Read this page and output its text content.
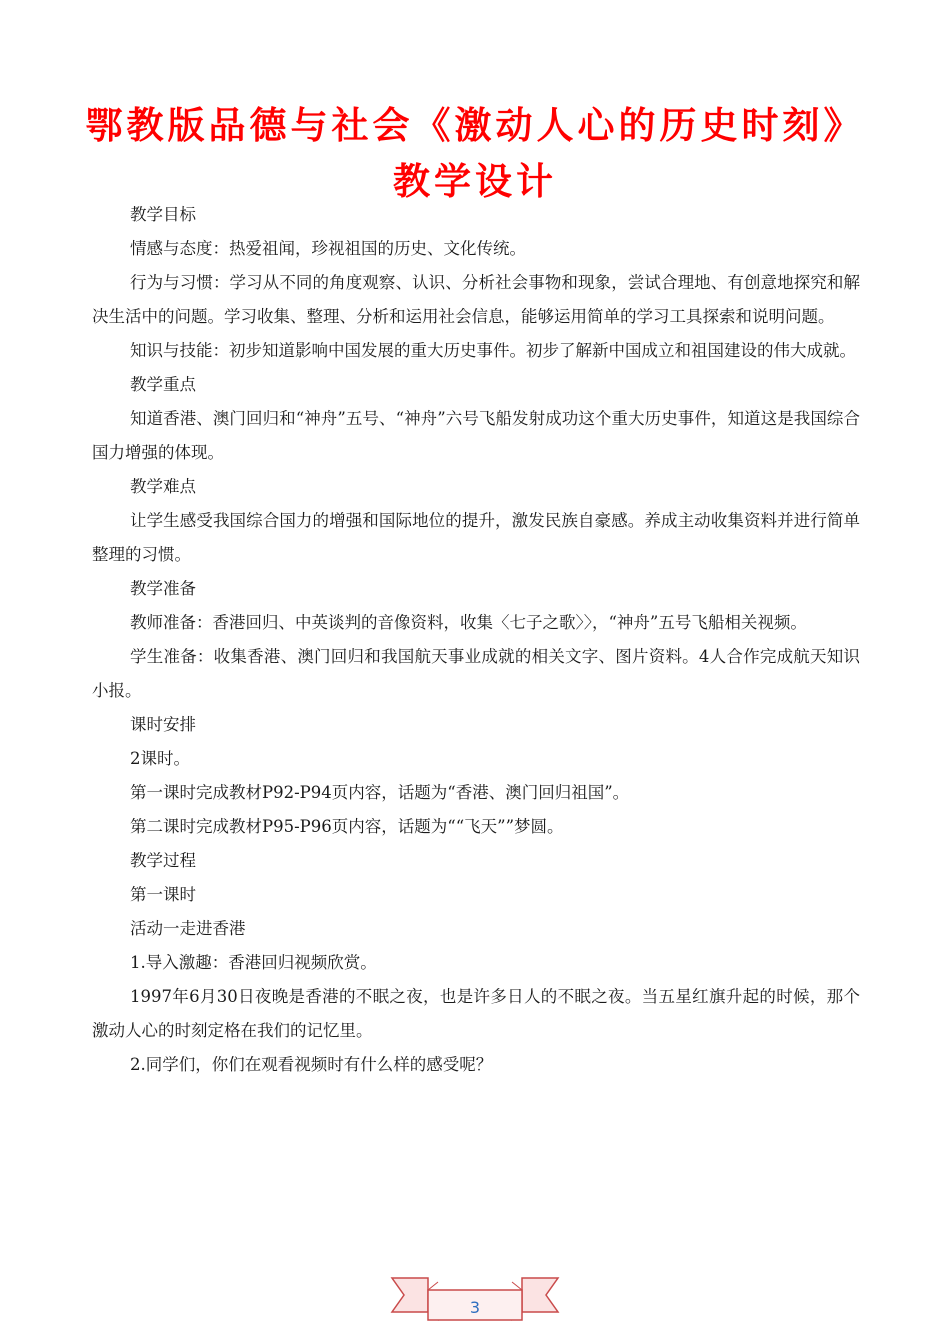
鄂教版品德与社会《激动人心的历史时刻》教学设计

教学目标

情感与态度：热爱祖闻，珍视祖国的历史、文化传统。

行为与习惯：学习从不同的角度观察、认识、分析社会事物和现象，尝试合理地、有创意地探究和解决生活中的问题。学习收集、整理、分析和运用社会信息，能够运用简单的学习工具探索和说明问题。

知识与技能：初步知道影响中国发展的重大历史事件。初步了解新中国成立和祖国建设的伟大成就。

教学重点

知道香港、澳门回归和“神舟”五号、“神舟”六号飞船发射成功这个重大历史事件，知道这是我国综合国力增强的体现。

教学难点

让学生感受我国综合国力的增强和国际地位的提升，激发民族自豪感。养成主动收集资料并进行简单整理的习惯。

教学准备

教师准备：香港回归、中英谈判的音像资料，收集〈七子之歌〉〉，“神舟”五号飞船相关视频。

学生准备：收集香港、澳门回归和我国航天事业成就的相关文字、图片资料。4人合作完成航天知识小报。

课时安排

2课时。

第一课时完成教材P92-P94页内容，话题为“香港、澳门回归祖国”。

第二课时完成教材P95-P96页内容，话题为““飞天””梦圆。

教学过程

第一课时

活动一走进香港

1.导入激趣：香港回归视频欣赏。

1997年6月30日夜晚是香港的不眠之夜，也是许多日人的不眠之夜。当五星红旗升起的时候，那个激动人心的时刻定格在我们的记忆里。

2.同学们，你们在观看视频时有什么样的感受呢？

3
